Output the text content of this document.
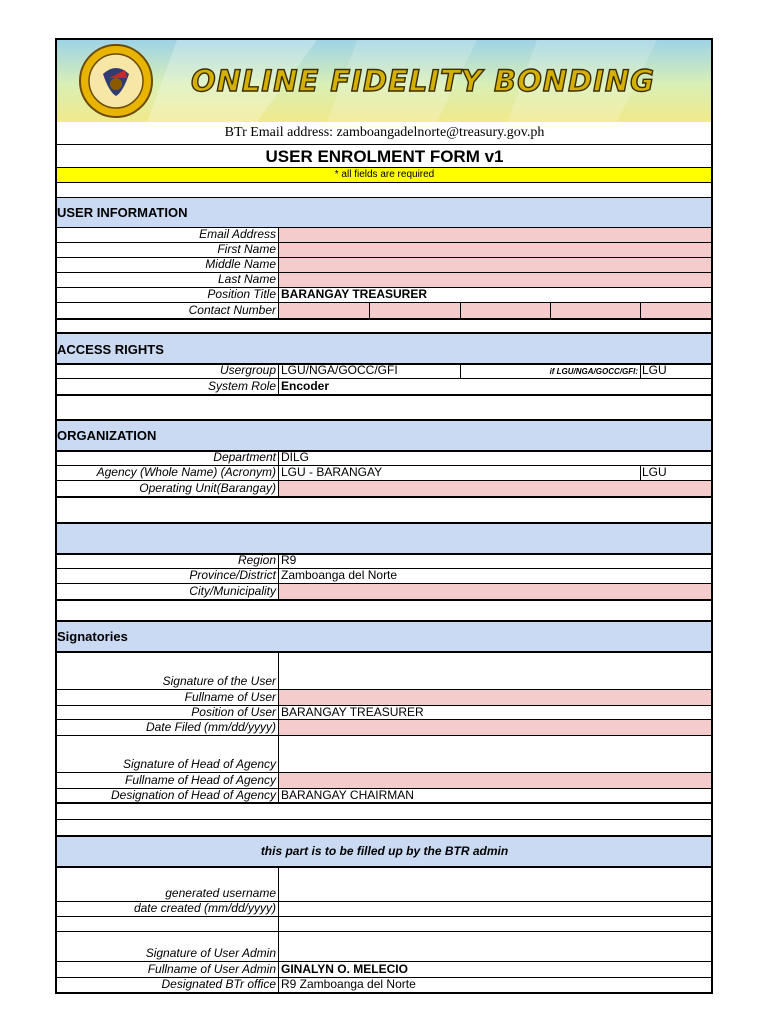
ONLINE FIDELITY BONDING
BTr Email address: zamboangadelnorte@treasury.gov.ph
USER ENROLMENT FORM v1
* all fields are required
USER INFORMATION
Email Address
First Name
Middle Name
Last Name
Position Title BARANGAY TREASURER
Contact Number
ACCESS RIGHTS
Usergroup LGU/NGA/GOCC/GFI	if LGU/NGA/GOCC/GFI: LGU
System Role Encoder
ORGANIZATION
Department DILG
Agency (Whole Name) (Acronym) LGU - BARANGAY	LGU
Operating Unit(Barangay)
Region R9
Province/District Zamboanga del Norte
City/Municipality
Signatories
Signature of the User
Fullname of User
Position of User BARANGAY TREASURER
Date Filed (mm/dd/yyyy)
Signature of Head of Agency
Fullname of Head of Agency
Designation of Head of Agency BARANGAY CHAIRMAN
this part is to be filled up by the BTR admin
generated username
date created (mm/dd/yyyy)
Signature of User Admin
Fullname of User Admin GINALYN O. MELECIO
Designated BTr office R9 Zamboanga del Norte
